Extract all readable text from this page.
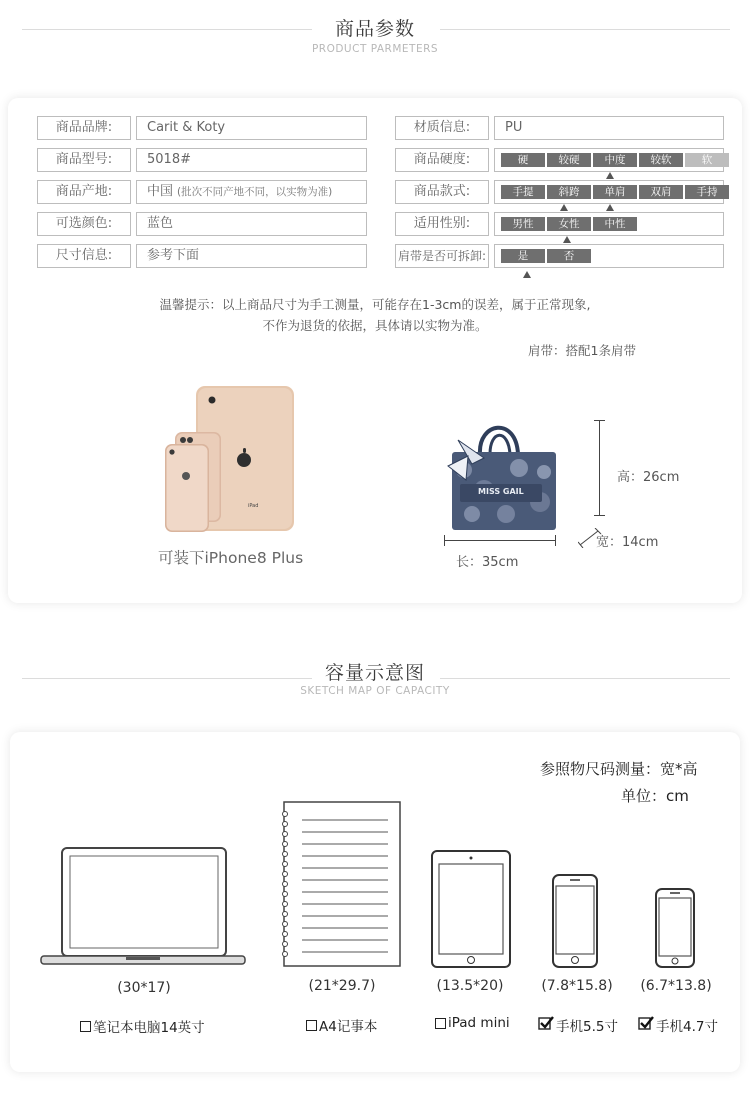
商品参数
PRODUCT PARMETERS
商品品牌:	Carit & Koty
商品型号:	5018#
商品产地:	中国 (批次不同产地不同，以实物为准)
可选颜色:	蓝色
尺寸信息:	参考下面
材质信息:	PU
商品硬度:	硬	较硬	中度	较软	软
商品款式:	手提	斜跨	单肩	双肩	手持
适用性别:	男性	女性	中性
肩带是否可拆卸:	是	否
温馨提示：以上商品尺寸为手工测量，可能存在1-3cm的误差，属于正常现象,
不作为退货的依据，具体请以实物为准。
肩带：搭配1条肩带
iPad
可装下iPhone8 Plus
MISS GAIL
高：26cm
长：35cm
宽：14cm
容量示意图
SKETCH MAP OF CAPACITY
参照物尺码测量：宽*高
单位：cm
(30*17)	(21*29.7)	(13.5*20)	(7.8*15.8)	(6.7*13.8)
笔记本电脑14英寸	A4记事本	iPad mini	手机5.5寸	手机4.7寸
